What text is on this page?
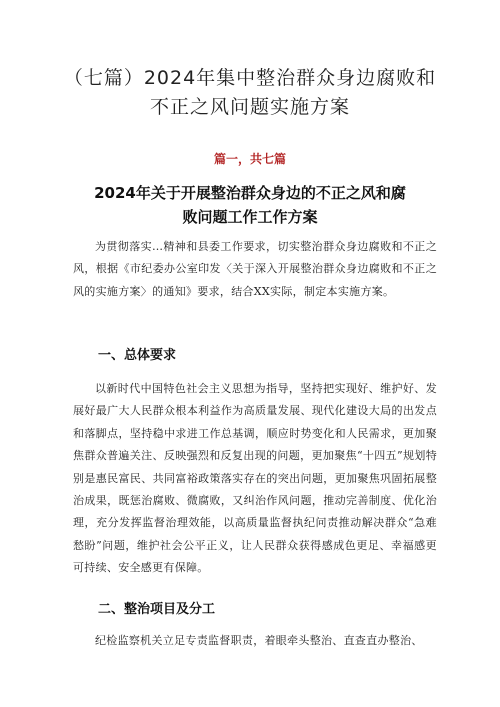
（七篇）2024年集中整治群众身边腐败和
不正之风问题实施方案

篇一，共七篇

2024年关于开展整治群众身边的不正之风和腐
败问题工作工作方案

为贯彻落实…精神和县委工作要求，切实整治群众身边腐败和不正之风，根据《市纪委办公室印发〈关于深入开展整治群众身边腐败和不正之风的实施方案〉的通知》要求，结合XX实际，制定本实施方案。

一、总体要求

以新时代中国特色社会主义思想为指导，坚持把实现好、维护好、发展好最广大人民群众根本利益作为高质量发展、现代化建设大局的出发点和落脚点，坚持稳中求进工作总基调，顺应时势变化和人民需求，更加聚焦群众普遍关注、反映强烈和反复出现的问题，更加聚焦“十四五”规划特别是惠民富民、共同富裕政策落实存在的突出问题，更加聚焦巩固拓展整治成果，既惩治腐败、微腐败，又纠治作风问题，推动完善制度、优化治理，充分发挥监督治理效能，以高质量监督执纪问责推动解决群众“急难愁盼”问题，维护社会公平正义，让人民群众获得感成色更足、幸福感更可持续、安全感更有保障。

二、整治项目及分工

纪检监察机关立足专责监督职责，着眼牵头整治、直查直办整治、
